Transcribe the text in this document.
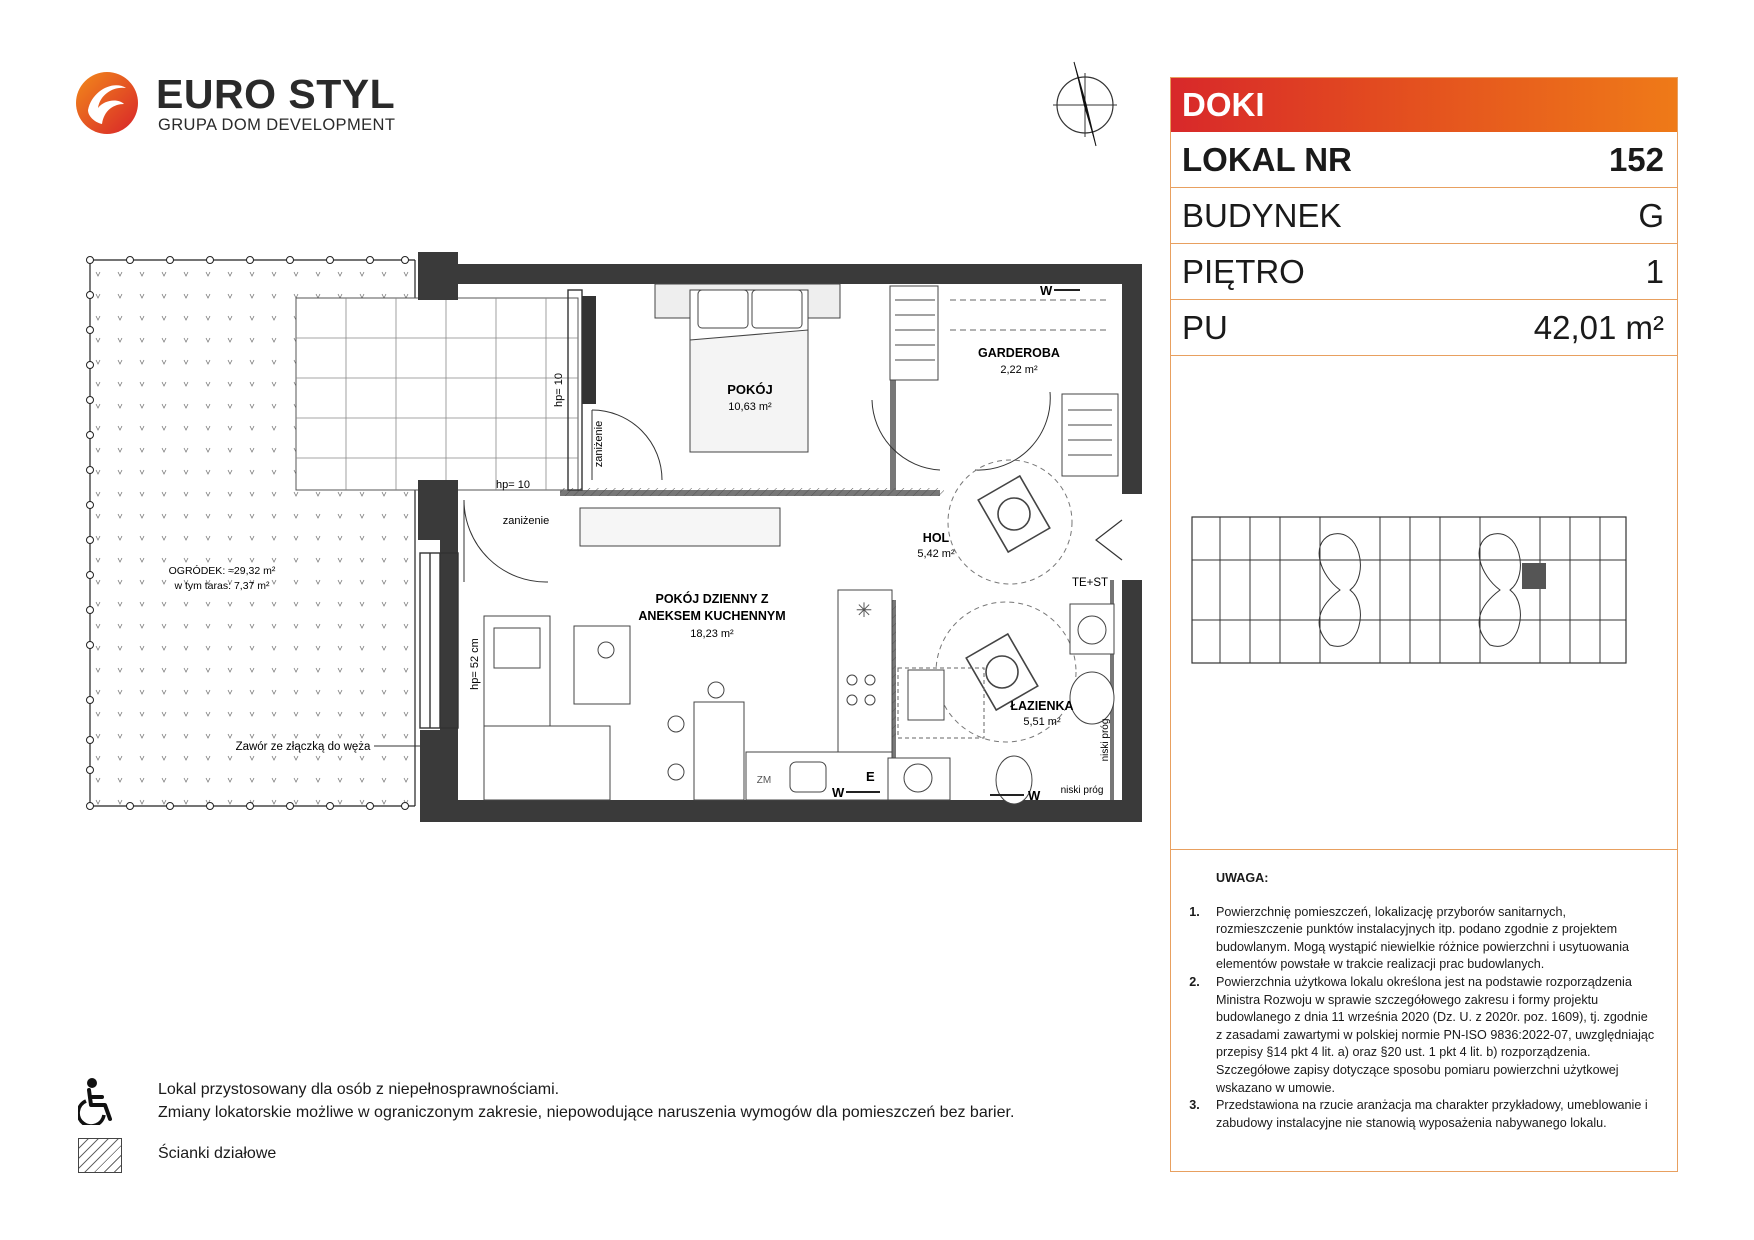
EURO STYL
GRUPA DOM DEVELOPMENT
✳
POKÓJ
10,63 m²
GARDEROBA
2,22 m²
HOL
5,42 m²
POKÓJ DZIENNY Z
ANEKSEM KUCHENNYM
18,23 m²
ŁAZIENKA
5,51 m²
OGRÓDEK: ≈29,32 m²
w tym taras: 7,37 m²
hp= 10
hp= 10
hp= 52 cm
zaniżenie
zaniżenie
Zawór ze złączką do węża
TE+ST
ZM
niski próg
niski próg
W
W	W
E
DOKI
LOKAL NR	152
BUDYNEK	G
PIĘTRO	1
PU	42,01 m²
UWAGA:
1.	Powierzchnię pomieszczeń, lokalizację przyborów sanitarnych, rozmieszczenie punktów instalacyjnych itp. podano zgodnie z projektem budowlanym. Mogą wystąpić niewielkie różnice powierzchni i usytuowania elementów powstałe w trakcie realizacji prac budowlanych.
2.	Powierzchnia użytkowa lokalu określona jest na podstawie rozporządzenia Ministra Rozwoju w sprawie szczegółowego zakresu i formy projektu budowlanego z dnia 11 września 2020 (Dz. U. z 2020r. poz. 1609), tj. zgodnie z zasadami zawartymi w polskiej normie PN-ISO 9836:2022-07, uwzględniając przepisy §14 pkt 4 lit. a) oraz §20 ust. 1 pkt 4 lit. b) rozporządzenia. Szczegółowe zapisy dotyczące sposobu pomiaru powierzchni użytkowej wskazano w umowie.
3.	Przedstawiona na rzucie aranżacja ma charakter przykładowy, umeblowanie i zabudowy instalacyjne nie stanowią wyposażenia nabywanego lokalu.
Lokal przystosowany dla osób z niepełnosprawnościami.
Zmiany lokatorskie możliwe w ograniczonym zakresie, niepowodujące naruszenia wymogów dla pomieszczeń bez barier.
Ścianki działowe
